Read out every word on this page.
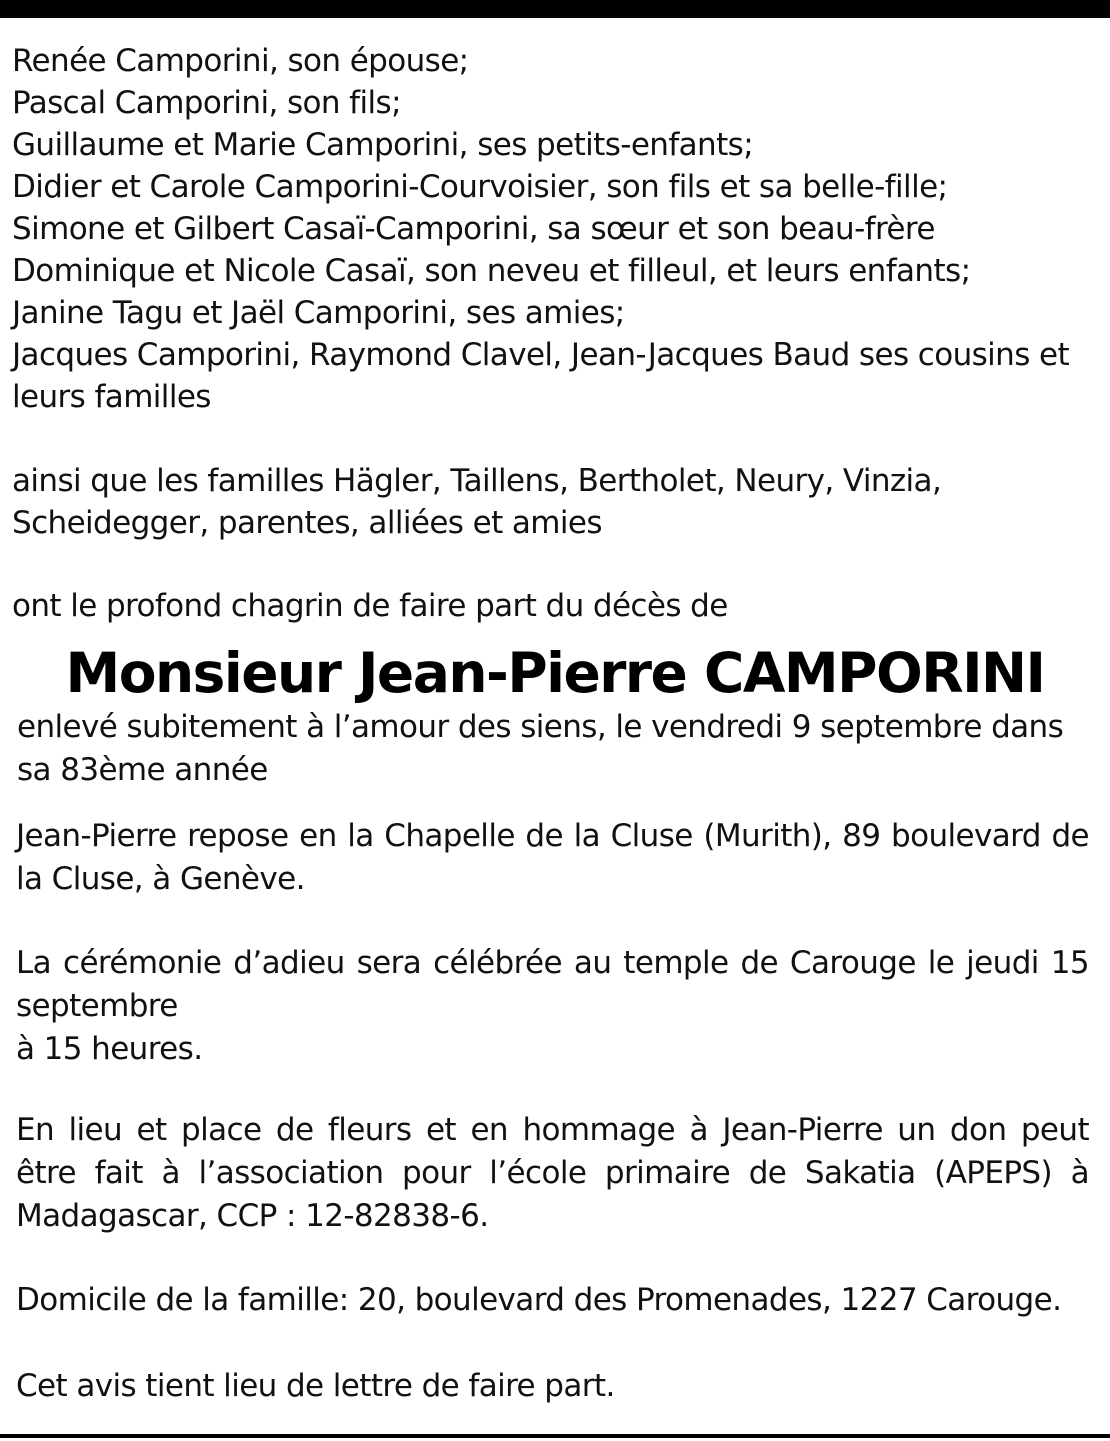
Renée Camporini, son épouse;
Pascal Camporini, son fils;
Guillaume et Marie Camporini, ses petits-enfants;
Didier et Carole Camporini-Courvoisier, son fils et sa belle-fille;
Simone et Gilbert Casaï-Camporini, sa sœur et son beau-frère
Dominique et Nicole Casaï, son neveu et filleul, et leurs enfants;
Janine Tagu et Jaël Camporini, ses amies;
Jacques Camporini, Raymond Clavel, Jean-Jacques Baud ses cousins et
leurs familles
ainsi que les familles Hägler, Taillens, Bertholet, Neury, Vinzia,
Scheidegger, parentes, alliées et amies
ont le profond chagrin de faire part du décès de
Monsieur Jean-Pierre CAMPORINI
enlevé subitement à l’amour des siens, le vendredi 9 septembre dans sa 83ème année
Jean-Pierre repose en la Chapelle de la Cluse (Murith), 89 boulevard de la Cluse, à Genève.
La cérémonie d’adieu sera célébrée au temple de Carouge le jeudi 15 septembre
à 15 heures.
En lieu et place de fleurs et en hommage à Jean-Pierre un don peut être fait à l’association pour l’école primaire de Sakatia (APEPS) à Madagascar, CCP : 12-82838-6.
Domicile de la famille: 20, boulevard des Promenades, 1227 Carouge.
Cet avis tient lieu de lettre de faire part.
